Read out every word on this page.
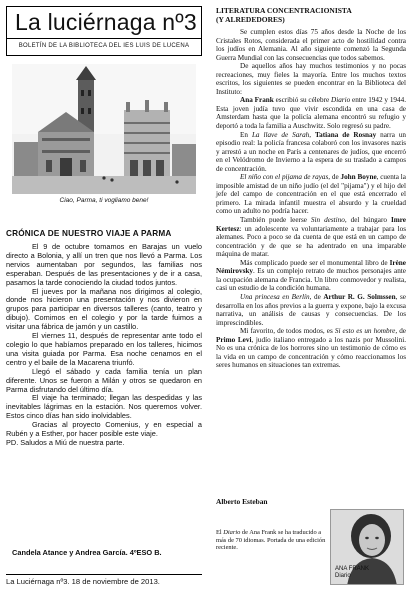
La luciérnaga nº3
BOLETÍN DE LA BIBLIOTECA DEL IES LUIS DE LUCENA
Ciao, Parma, ti vogliamo bene!
CRÓNICA DE NUESTRO VIAJE A PARMA

El 9 de octubre tomamos en Barajas un vuelo directo a Bolonia, y allí un tren que nos llevó a Parma. Los nervios aumentaban por segundos, las familias nos esperaban. Después de las presentaciones y de ir a casa, pasamos la tarde conociendo la ciudad todos juntos.

El jueves por la mañana nos dirigimos al colegio, donde nos hicieron una presentación y nos divieron en grupos para participar en diversos talleres (canto, teatro y dibujo). Comimos en el colegio y por la tarde fuimos a visitar una fábrica de jamón y un castillo.

El viernes 11, después de representar ante todo el colegio lo que habíamos preparado en los talleres, hicimos una visita guiada por Parma. Esa noche cenamos en el centro y el baile de la Macarena triunfó.

Llegó el sábado y cada familia tenía un plan diferente. Unos se fueron a Milán y otros se quedaron en Parma disfrutando del último día.

El viaje ha terminado; llegan las despedidas y las inevitables lágrimas en la estación. Nos queremos volver. Estos cinco días han sido inolvidables.

Gracias al proyecto Comenius, y en especial a Rubén y a Esther, por hacer posible este viaje.

PD. Saludos a Miú de nuestra parte.

Candela Atance y Andrea García. 4ºESO B.
La Luciérnaga nº3. 18 de noviembre de 2013.
LITERATURA CONCENTRACIONISTA
(Y ALREDEDORES)

Se cumplen estos días 75 años desde la Noche de los Cristales Rotos, considerada el primer acto de hostilidad contra los judíos en Alemania. Al año siguiente comenzó la Segunda Guerra Mundial con las consecuencias que todos sabemos.

De aquellos años hay muchos testimonios y no pocas recreaciones, muy fieles la mayoría. Entre los muchos textos escritos, los siguientes se pueden encontrar en la Biblioteca del Instituto:

Ana Frank escribió su célebre Diario entre 1942 y 1944. Esta joven judía tuvo que vivir escondida en una casa de Amsterdam hasta que la policía alemana encontró su refugio y deportó a toda la familia a Auschwitz. Solo regresó su padre.

En La llave de Sarah, Tatiana de Rosnay narra un episodio real: la policía francesa colaboró con los invasores nazis y arrestó a un noche en París a centenares de judíos, que encerró en el Velódromo de Invierno a la espera de su traslado a campos de concentración.

El niño con el pijama de rayas, de John Boyne, cuenta la imposible amistad de un niño judío (el del "pijama") y el hijo del jefe del campo de concentración en el que está encerrado el primero. La mirada infantil muestra el absurdo y la crueldad como un adulto no podría hacer.

También puede leerse Sin destino, del húngaro Imre Kertesz: un adolescente va voluntariamente a trabajar para los alemanes. Poco a poco se da cuenta de que está en un campo de concentración y de que se ha adentrado en una imparable máquina de matar.

Más complicado puede ser el monumental libro de Irène Némirovsky. Es un complejo retrato de muchos personajes ante la ocupación alemana de Francia. Un libro conmovedor y realista, casi un estudio de la condición humana.

Una princesa en Berlín, de Arthur R. G. Solmssen, se desarrolla en los años previos a la guerra y expone, bajo la excusa narrativa, un análisis de causas y consecuencias. De los imprescindibles.

Mi favorito, de todos modos, es Si esto es un hombre, de Primo Levi, judío italiano entregado a los nazis por Mussolini. No es una crónica de los horrores sino un testimonio de cómo es la vida en un campo de concentración y cómo reaccionamos los seres humanos en situaciones tan extremas.

Alberto Esteban
El Diario de Ana Frank se ha traducido a más de 70 idiomas. Portada de una edición reciente.
ANA FRANK
Diario
